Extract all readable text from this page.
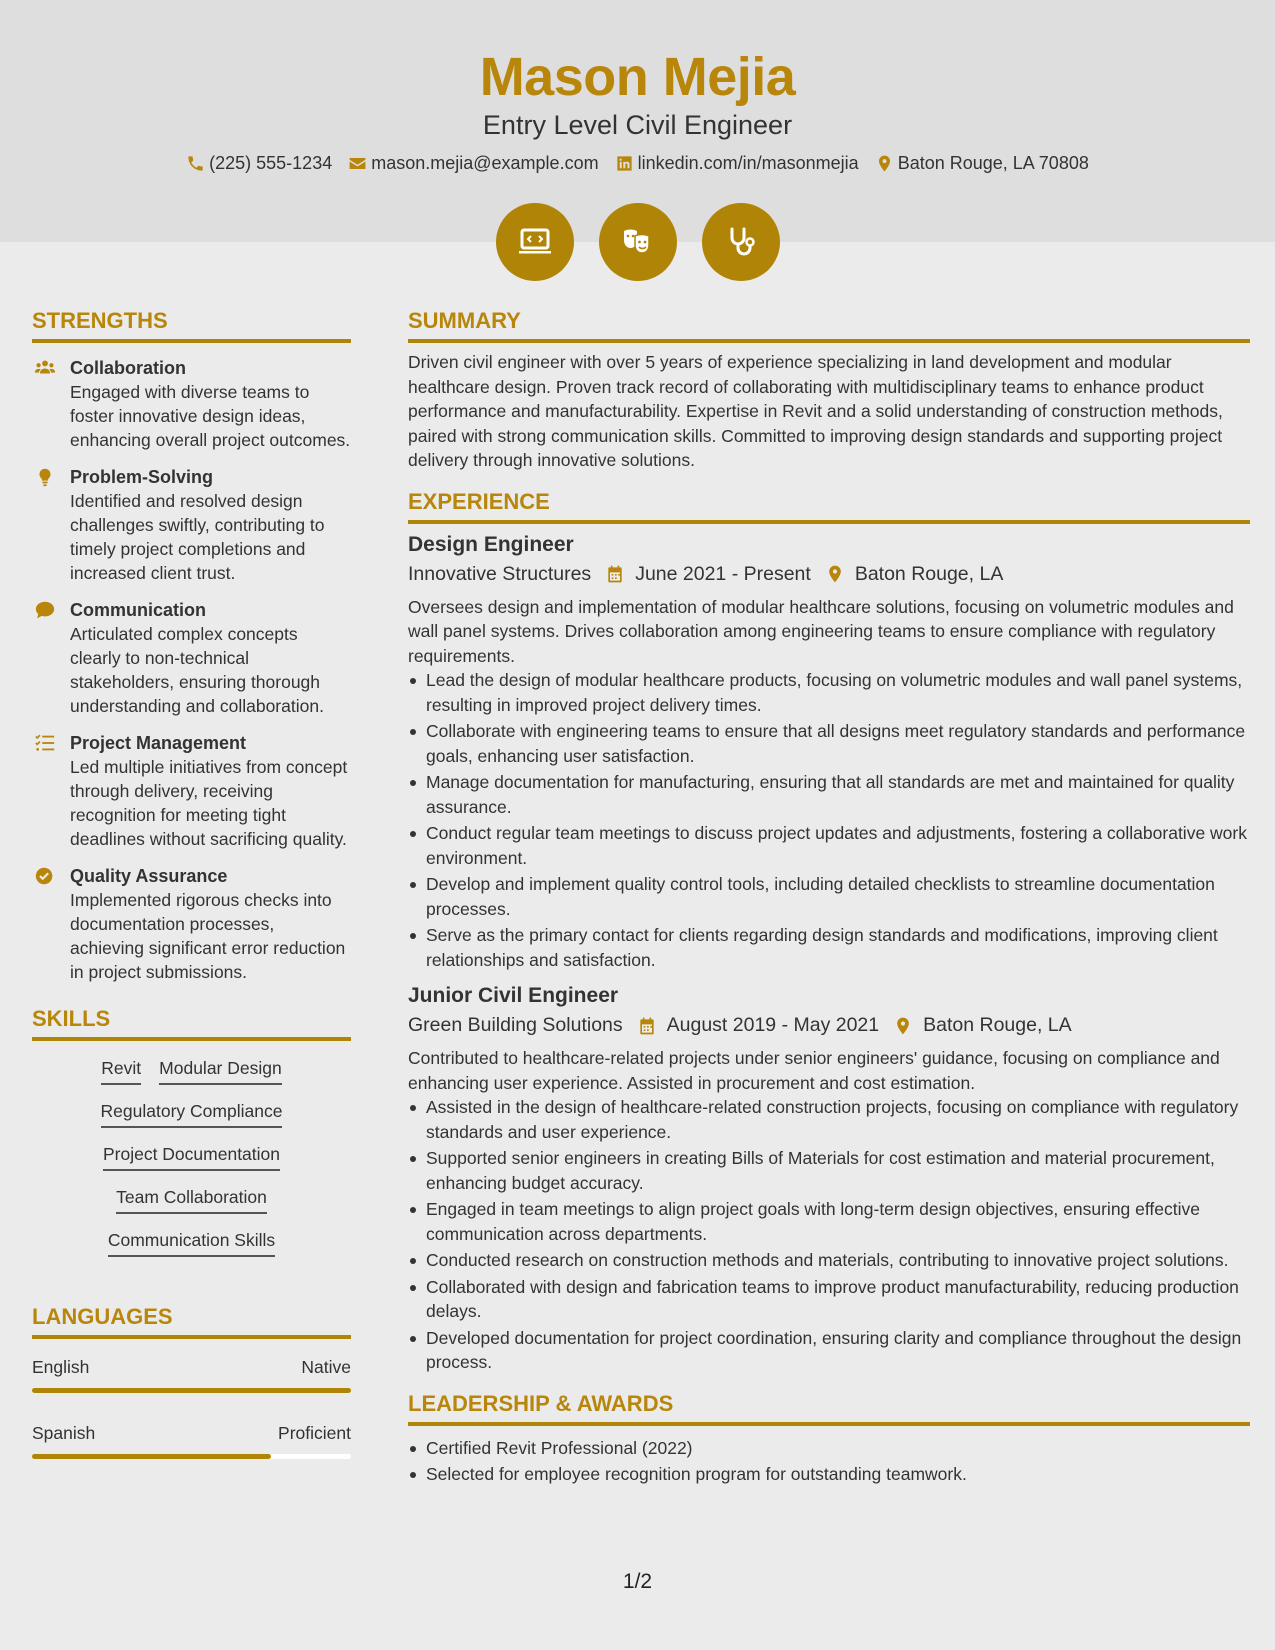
Mason Mejia
Entry Level Civil Engineer
(225) 555-1234 mason.mejia@example.com linkedin.com/in/masonmejia Baton Rouge, LA 70808
STRENGTHS
Collaboration
Engaged with diverse teams to foster innovative design ideas, enhancing overall project outcomes.
Problem-Solving
Identified and resolved design challenges swiftly, contributing to timely project completions and increased client trust.
Communication
Articulated complex concepts clearly to non-technical stakeholders, ensuring thorough understanding and collaboration.
Project Management
Led multiple initiatives from concept through delivery, receiving recognition for meeting tight deadlines without sacrificing quality.
Quality Assurance
Implemented rigorous checks into documentation processes, achieving significant error reduction in project submissions.
SKILLS
Revit Modular Design
Regulatory Compliance
Project Documentation
Team Collaboration
Communication Skills
LANGUAGES
English	Native
Spanish	Proficient
SUMMARY
Driven civil engineer with over 5 years of experience specializing in land development and modular healthcare design. Proven track record of collaborating with multidisciplinary teams to enhance product performance and manufacturability. Expertise in Revit and a solid understanding of construction methods, paired with strong communication skills. Committed to improving design standards and supporting project delivery through innovative solutions.
EXPERIENCE
Design Engineer
Innovative Structures June 2021 - Present Baton Rouge, LA
Oversees design and implementation of modular healthcare solutions, focusing on volumetric modules and wall panel systems. Drives collaboration among engineering teams to ensure compliance with regulatory requirements.
Lead the design of modular healthcare products, focusing on volumetric modules and wall panel systems, resulting in improved project delivery times.
Collaborate with engineering teams to ensure that all designs meet regulatory standards and performance goals, enhancing user satisfaction.
Manage documentation for manufacturing, ensuring that all standards are met and maintained for quality assurance.
Conduct regular team meetings to discuss project updates and adjustments, fostering a collaborative work environment.
Develop and implement quality control tools, including detailed checklists to streamline documentation processes.
Serve as the primary contact for clients regarding design standards and modifications, improving client relationships and satisfaction.
Junior Civil Engineer
Green Building Solutions August 2019 - May 2021 Baton Rouge, LA
Contributed to healthcare-related projects under senior engineers' guidance, focusing on compliance and enhancing user experience. Assisted in procurement and cost estimation.
Assisted in the design of healthcare-related construction projects, focusing on compliance with regulatory standards and user experience.
Supported senior engineers in creating Bills of Materials for cost estimation and material procurement, enhancing budget accuracy.
Engaged in team meetings to align project goals with long-term design objectives, ensuring effective communication across departments.
Conducted research on construction methods and materials, contributing to innovative project solutions.
Collaborated with design and fabrication teams to improve product manufacturability, reducing production delays.
Developed documentation for project coordination, ensuring clarity and compliance throughout the design process.
LEADERSHIP & AWARDS
Certified Revit Professional (2022)
Selected for employee recognition program for outstanding teamwork.
1/2
